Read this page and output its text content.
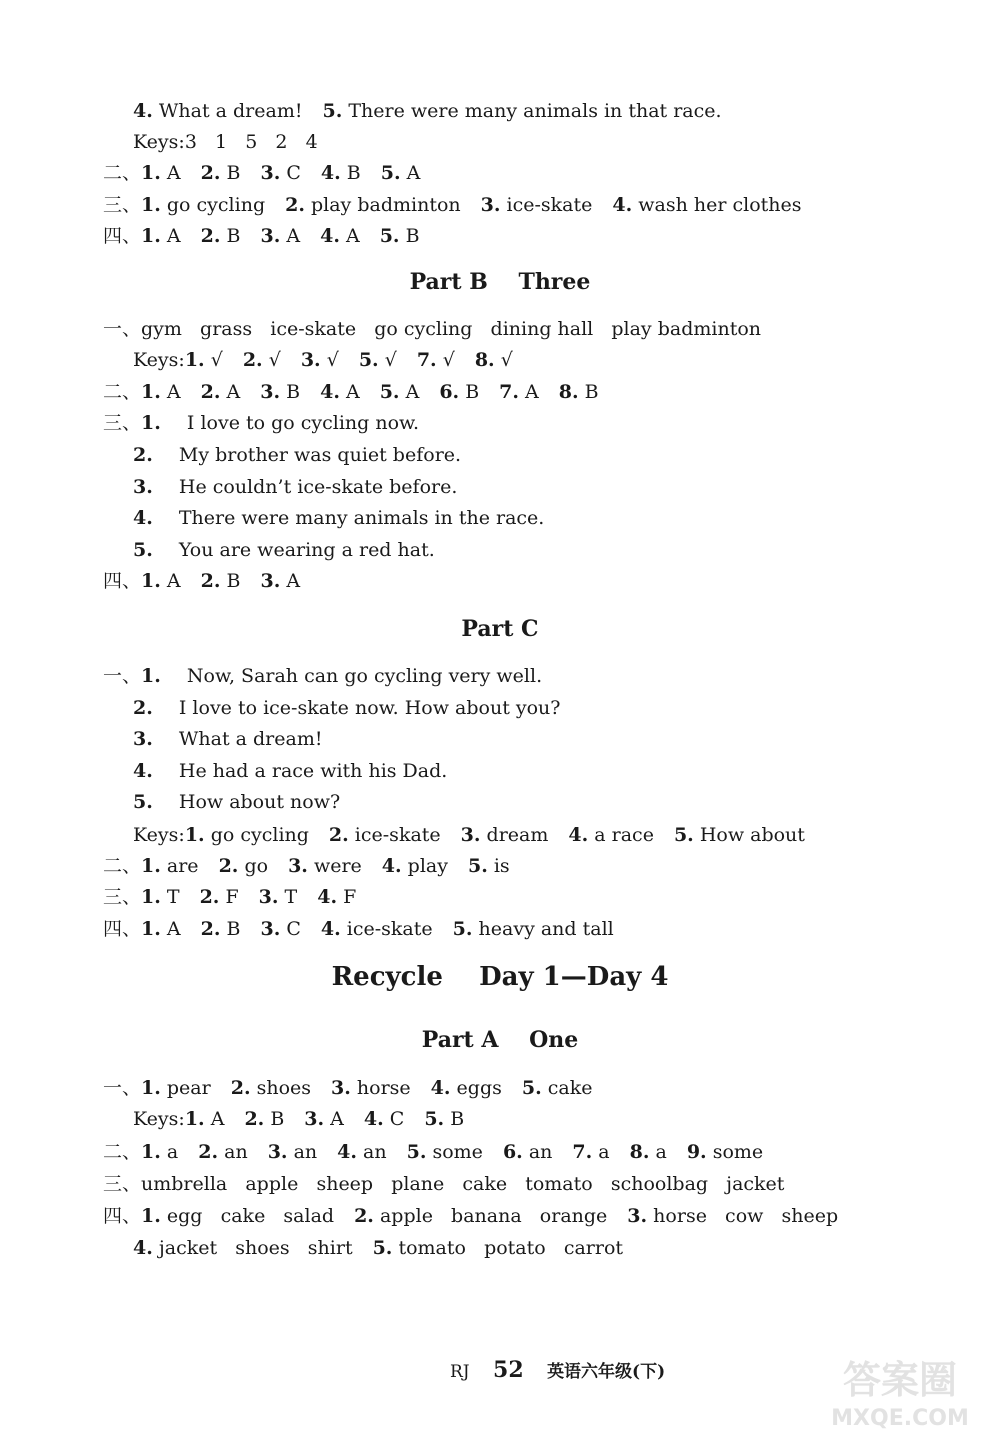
4. What a dream! 5. There were many animals in that race.
Keys:3   1   5   2   4
二、1. A 2. B 3. C 4. B 5. A
三、1. go cycling 2. play badminton 3. ice-skate 4. wash her clothes
四、1. A 2. B 3. A 4. A 5. B
一、gym   grass   ice-skate   go cycling   dining hall   play badminton
Keys:1. √ 2. √ 3. √ 5. √ 7. √ 8. √
二、1. A 2. A 3. B 4. A 5. A 6. B 7. A 8. B
三、1. I love to go cycling now.
2. My brother was quiet before.
3. He couldn’t ice-skate before.
4. There were many animals in the race.
5. You are wearing a red hat.
四、1. A 2. B 3. A
一、1. Now, Sarah can go cycling very well.
2. I love to ice-skate now. How about you?
3. What a dream!
4. He had a race with his Dad.
5. How about now?
Keys:1. go cycling 2. ice-skate 3. dream 4. a race 5. How about
二、1. are 2. go 3. were 4. play 5. is
三、1. T 2. F 3. T 4. F
四、1. A 2. B 3. C 4. ice-skate 5. heavy and tall
一、1. pear 2. shoes 3. horse 4. eggs 5. cake
Keys:1. A 2. B 3. A 4. C 5. B
二、1. a 2. an 3. an 4. an 5. some 6. an 7. a 8. a 9. some
三、umbrella   apple   sheep   plane   cake   tomato   schoolbag   jacket
四、1. egg   cake   salad 2. apple   banana   orange 3. horse   cow   sheep
4. jacket   shoes   shirt 5. tomato   potato   carrot
Part B    Three
Part C
Recycle    Day 1—Day 4
Part A    One
RJ 52 英语六年级(下)	答案圈
MXQE.COM
